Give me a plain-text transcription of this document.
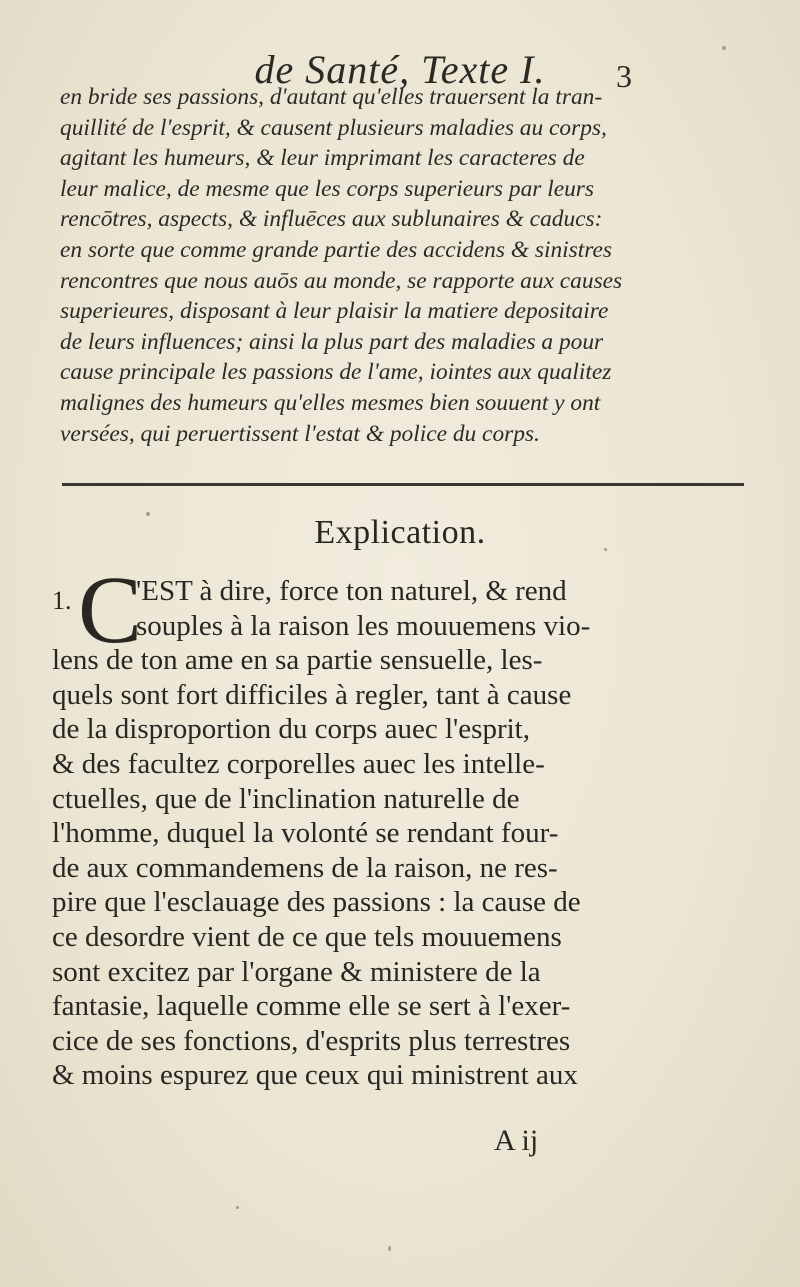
de Santé, Texte I.	3
en bride ses passions, d'autant qu'elles trauersent la tran-
quillité de l'esprit, & causent plusieurs maladies au corps,
agitant les humeurs, & leur imprimant les caracteres de
leur malice, de mesme que les corps superieurs par leurs
rencōtres, aspects, & influēces aux sublunaires & caducs:
en sorte que comme grande partie des accidens & sinistres
rencontres que nous auōs au monde, se rapporte aux causes
superieures, disposant à leur plaisir la matiere depositaire
de leurs influences; ainsi la plus part des maladies a pour
cause principale les passions de l'ame, iointes aux qualitez
malignes des humeurs qu'elles mesmes bien souuent y ont
versées, qui peruertissent l'estat & police du corps.
Explication.
1. C
'EST à dire, force ton naturel, & rend
souples à la raison les mouuemens vio-
lens de ton ame en sa partie sensuelle, les-
quels sont fort difficiles à regler, tant à cause
de la disproportion du corps auec l'esprit,
& des facultez corporelles auec les intelle-
ctuelles, que de l'inclination naturelle de
l'homme, duquel la volonté se rendant four-
de aux commandemens de la raison, ne res-
pire que l'esclauage des passions : la cause de
ce desordre vient de ce que tels mouuemens
sont excitez par l'organe & ministere de la
fantasie, laquelle comme elle se sert à l'exer-
cice de ses fonctions, d'esprits plus terrestres
& moins espurez que ceux qui ministrent aux
A ij
